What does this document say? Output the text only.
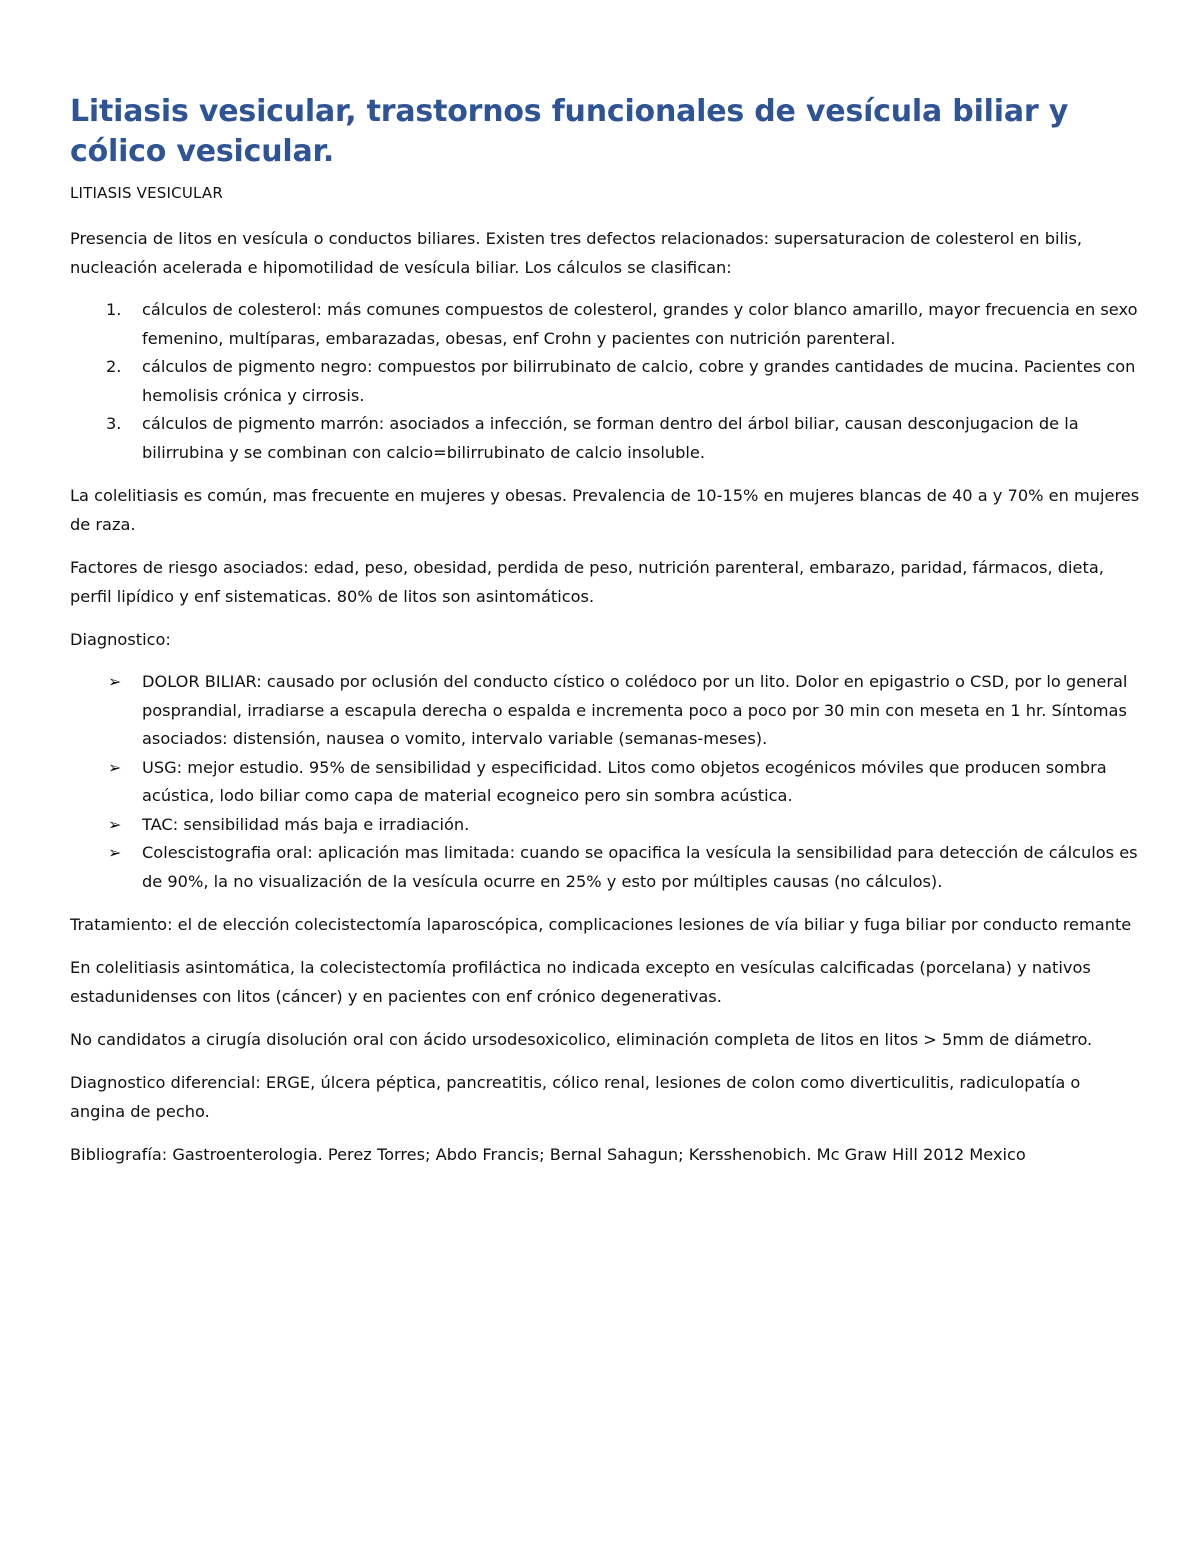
Litiasis vesicular, trastornos funcionales de vesícula biliar y cólico vesicular.
LITIASIS VESICULAR

Presencia de litos en vesícula o conductos biliares. Existen tres defectos relacionados: supersaturacion de colesterol en bilis, nucleación acelerada e hipomotilidad de vesícula biliar. Los cálculos se clasifican:

1. cálculos de colesterol: más comunes compuestos de colesterol, grandes y color blanco amarillo, mayor frecuencia en sexo femenino, multíparas, embarazadas, obesas, enf Crohn y pacientes con nutrición parenteral.
2. cálculos de pigmento negro: compuestos por bilirrubinato de calcio, cobre y grandes cantidades de mucina. Pacientes con hemolisis crónica y cirrosis.
3. cálculos de pigmento marrón: asociados a infección, se forman dentro del árbol biliar, causan desconjugacion de la bilirrubina y se combinan con calcio=bilirrubinato de calcio insoluble.

La colelitiasis es común, mas frecuente en mujeres y obesas. Prevalencia de 10-15% en mujeres blancas de 40 a y 70% en mujeres de raza.

Factores de riesgo asociados: edad, peso, obesidad, perdida de peso, nutrición parenteral, embarazo, paridad, fármacos, dieta, perfil lipídico y enf sistematicas. 80% de litos son asintomáticos.

Diagnostico:

➢ DOLOR BILIAR: causado por oclusión del conducto cístico o colédoco por un lito. Dolor en epigastrio o CSD, por lo general posprandial, irradiarse a escapula derecha o espalda e incrementa poco a poco por 30 min con meseta en 1 hr. Síntomas asociados: distensión, nausea o vomito, intervalo variable (semanas-meses).
➢ USG: mejor estudio. 95% de sensibilidad y especificidad. Litos como objetos ecogénicos móviles que producen sombra acústica, lodo biliar como capa de material ecogneico pero sin sombra acústica.
➢ TAC: sensibilidad más baja e irradiación.
➢ Colescistografia oral: aplicación mas limitada: cuando se opacifica la vesícula la sensibilidad para detección de cálculos es de 90%, la no visualización de la vesícula ocurre en 25% y esto por múltiples causas (no cálculos).

Tratamiento: el de elección colecistectomía laparoscópica, complicaciones lesiones de vía biliar y fuga biliar por conducto remante

En colelitiasis asintomática, la colecistectomía profiláctica no indicada excepto en vesículas calcificadas (porcelana) y nativos estadunidenses con litos (cáncer) y en pacientes con enf crónico degenerativas.

No candidatos a cirugía disolución oral con ácido ursodesoxicolico, eliminación completa de litos en litos > 5mm de diámetro.

Diagnostico diferencial: ERGE, úlcera péptica, pancreatitis, cólico renal, lesiones de colon como diverticulitis, radiculopatía o angina de pecho.

Bibliografía: Gastroenterologia. Perez Torres; Abdo Francis; Bernal Sahagun; Kersshenobich. Mc Graw Hill 2012 Mexico
